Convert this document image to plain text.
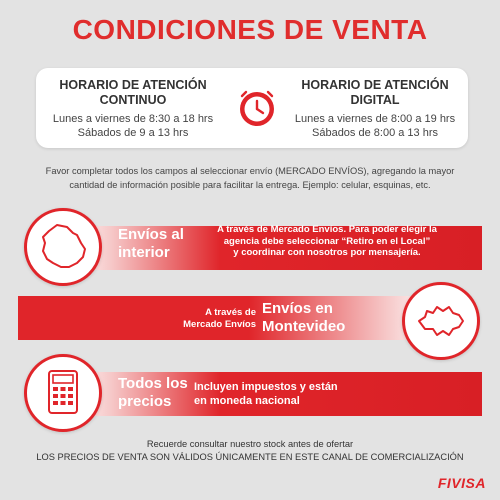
CONDICIONES DE VENTA
HORARIO DE ATENCIÓN
CONTINUO
Lunes a viernes de 8:30 a 18 hrs
Sábados de 9 a 13 hrs
HORARIO DE ATENCIÓN
DIGITAL
Lunes a viernes de 8:00 a 19 hrs
Sábados de 8:00 a 13 hrs
Favor completar todos los campos al seleccionar envío (MERCADO ENVÍOS), agregando la mayor
cantidad de información posible para facilitar la entrega. Ejemplo: celular, esquinas, etc.
Envíos al
interior
A través de Mercado Envíos. Para poder elegir la
agencia debe seleccionar “Retiro en el Local”
y coordinar con nosotros por mensajería.
A través de
Mercado Envíos
Envíos en
Montevideo
Todos los
precios
Incluyen impuestos y están
en moneda nacional
Recuerde consultar nuestro stock antes de ofertar
LOS PRECIOS DE VENTA SON VÁLIDOS ÚNICAMENTE EN ESTE CANAL DE COMERCIALIZACIÓN
FIVISA
